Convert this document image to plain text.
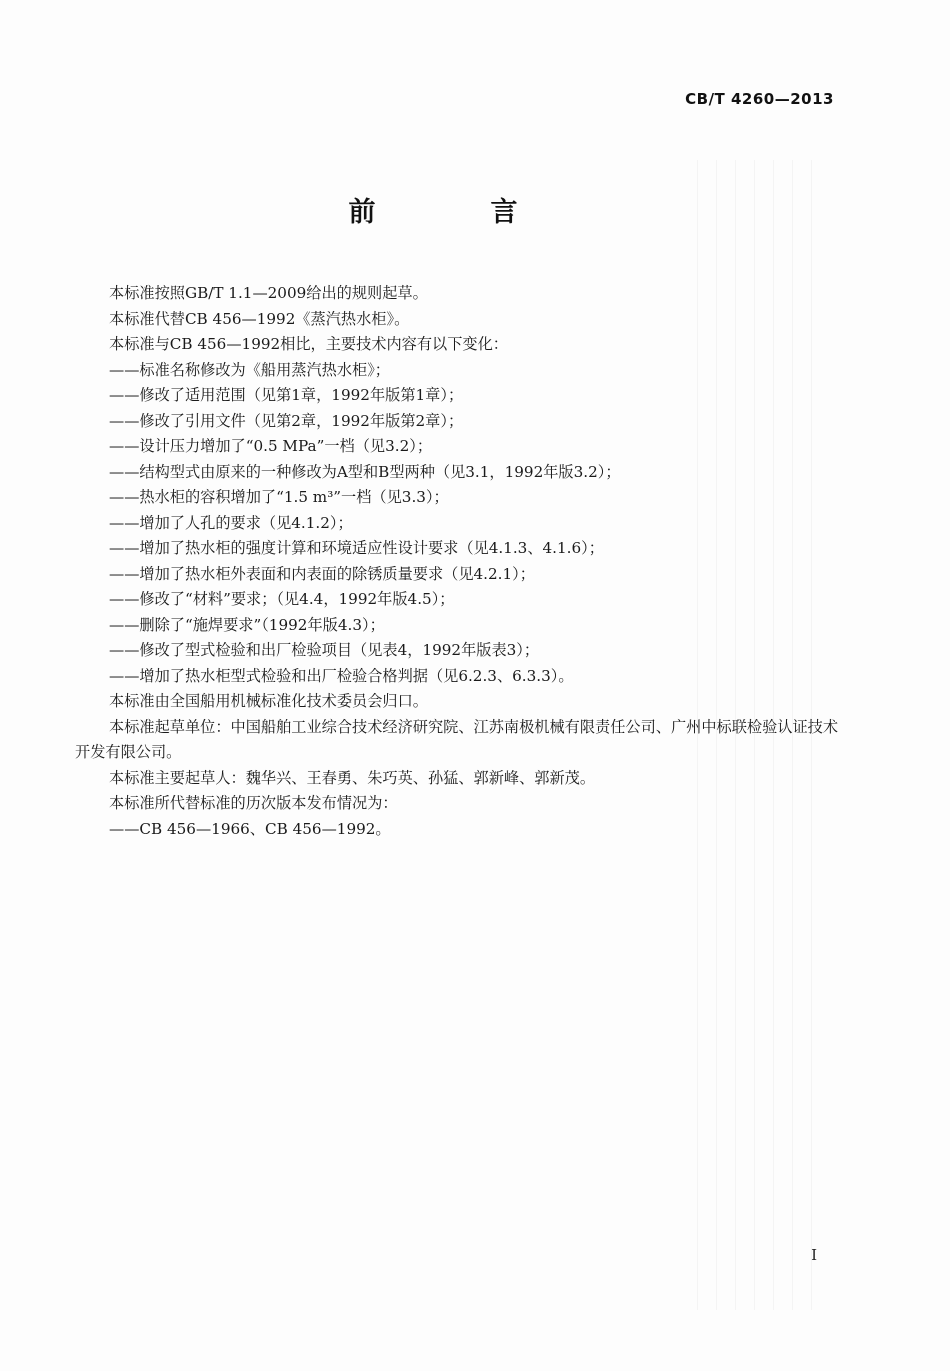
CB/T 4260—2013
前　言
本标准按照GB/T 1.1—2009给出的规则起草。
本标准代替CB 456—1992《蒸汽热水柜》。
本标准与CB 456—1992相比，主要技术内容有以下变化：
——标准名称修改为《船用蒸汽热水柜》；
——修改了适用范围（见第1章，1992年版第1章）；
——修改了引用文件（见第2章，1992年版第2章）；
——设计压力增加了“0.5 MPa”一档（见3.2）；
——结构型式由原来的一种修改为A型和B型两种（见3.1，1992年版3.2）；
——热水柜的容积增加了“1.5 m³”一档（见3.3）；
——增加了人孔的要求（见4.1.2）；
——增加了热水柜的强度计算和环境适应性设计要求（见4.1.3、4.1.6）；
——增加了热水柜外表面和内表面的除锈质量要求（见4.2.1）；
——修改了“材料”要求；（见4.4，1992年版4.5）；
——删除了“施焊要求”（1992年版4.3）；
——修改了型式检验和出厂检验项目（见表4，1992年版表3）；
——增加了热水柜型式检验和出厂检验合格判据（见6.2.3、6.3.3）。
本标准由全国船用机械标准化技术委员会归口。
本标准起草单位：中国船舶工业综合技术经济研究院、江苏南极机械有限责任公司、广州中标联检验认证技术开发有限公司。
本标准主要起草人：魏华兴、王春勇、朱巧英、孙猛、郭新峰、郭新茂。
本标准所代替标准的历次版本发布情况为：
——CB 456—1966、CB 456—1992。
I
